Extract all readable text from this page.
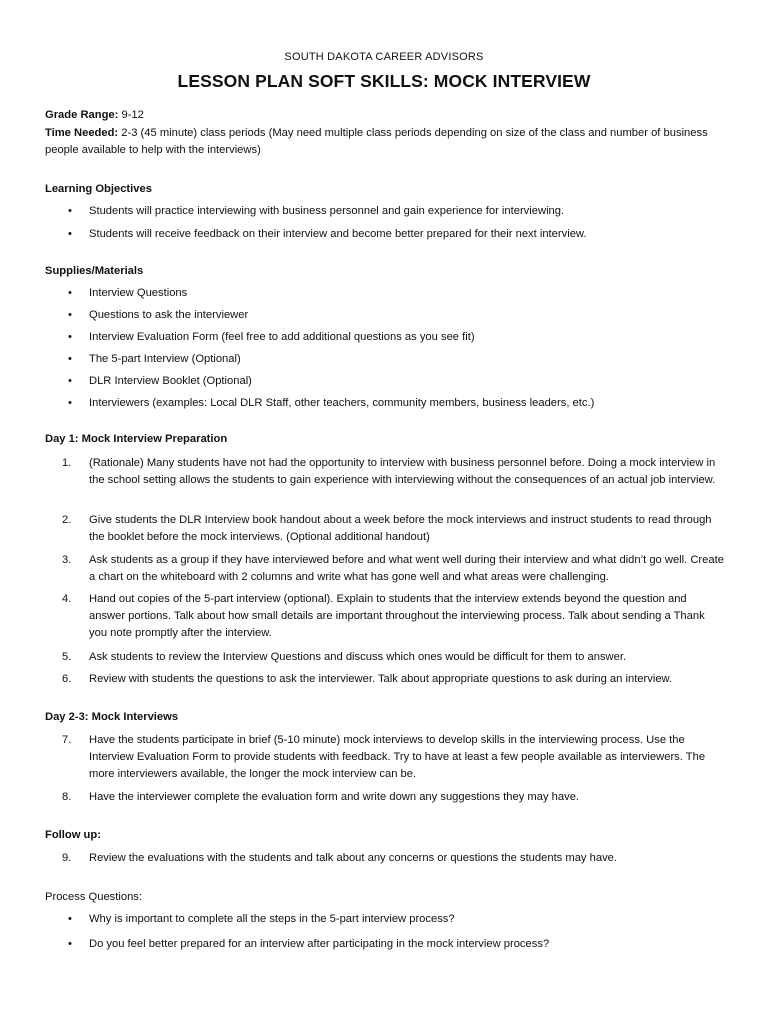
SOUTH DAKOTA CAREER ADVISORS
LESSON PLAN SOFT SKILLS: MOCK INTERVIEW
Grade Range: 9-12
Time Needed: 2-3 (45 minute) class periods (May need multiple class periods depending on size of the class and number of business people available to help with the interviews)
Learning Objectives
• Students will practice interviewing with business personnel and gain experience for interviewing.
• Students will receive feedback on their interview and become better prepared for their next interview.
Supplies/Materials
• Interview Questions
• Questions to ask the interviewer
• Interview Evaluation Form (feel free to add additional questions as you see fit)
• The 5-part Interview (Optional)
• DLR Interview Booklet (Optional)
• Interviewers (examples: Local DLR Staff, other teachers, community members, business leaders, etc.)
Day 1: Mock Interview Preparation
1.	(Rationale) Many students have not had the opportunity to interview with business personnel before. Doing a mock interview in the school setting allows the students to gain experience with interviewing without the consequences of an actual job interview.
2.	Give students the DLR Interview book handout about a week before the mock interviews and instruct students to read through the booklet before the mock interviews. (Optional additional handout)
3.	Ask students as a group if they have interviewed before and what went well during their interview and what didn’t go well. Create a chart on the whiteboard with 2 columns and write what has gone well and what areas were challenging.
4.	Hand out copies of the 5-part interview (optional). Explain to students that the interview extends beyond the question and answer portions. Talk about how small details are important throughout the interviewing process. Talk about sending a Thank you note promptly after the interview.
5.	Ask students to review the Interview Questions and discuss which ones would be difficult for them to answer.
6.	Review with students the questions to ask the interviewer. Talk about appropriate questions to ask during an interview.
Day 2-3: Mock Interviews
7.	Have the students participate in brief (5-10 minute) mock interviews to develop skills in the interviewing process. Use the Interview Evaluation Form to provide students with feedback. Try to have at least a few people available as interviewers. The more interviewers available, the longer the mock interview can be.
8.	Have the interviewer complete the evaluation form and write down any suggestions they may have.
Follow up:
9.	Review the evaluations with the students and talk about any concerns or questions the students may have.
Process Questions:
• Why is important to complete all the steps in the 5-part interview process?
• Do you feel better prepared for an interview after participating in the mock interview process?
